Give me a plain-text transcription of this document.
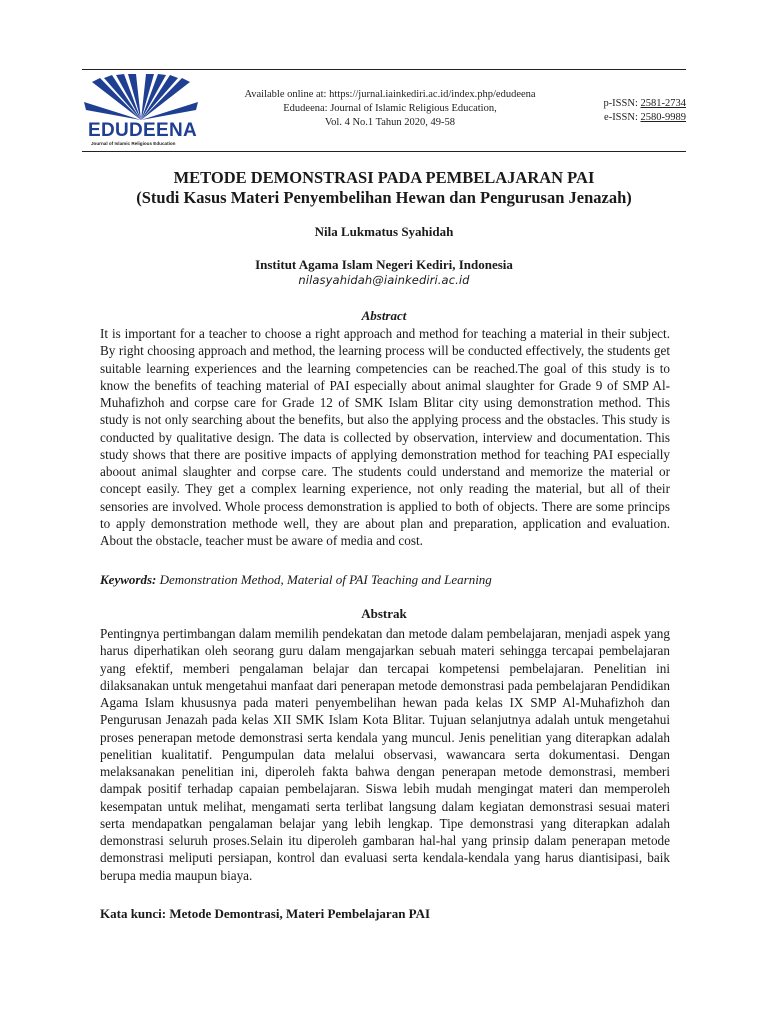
EDUDEENA
Journal of Islamic Religious Education
Available online at: https://jurnal.iainkediri.ac.id/index.php/edudeena
Edudeena: Journal of Islamic Religious Education,
Vol. 4 No.1 Tahun 2020, 49-58
p-ISSN: 2581-2734
e-ISSN: 2580-9989
METODE DEMONSTRASI PADA PEMBELAJARAN PAI
(Studi Kasus Materi Penyembelihan Hewan dan Pengurusan Jenazah)
Nila Lukmatus Syahidah
Institut Agama Islam Negeri Kediri, Indonesia
nilasyahidah@iainkediri.ac.id
Abstract

It is important for a teacher to choose a right approach and method for teaching a material in their subject. By right choosing approach and method, the learning process will be conducted effectively, the students get suitable learning experiences and the learning competencies can be reached.The goal of this study is to know the benefits of teaching material of PAI especially about animal slaughter for Grade 9 of SMP Al-Muhafizhoh and corpse care for Grade 12 of SMK Islam Blitar city using demonstration method. This study is not only searching about the benefits, but also the applying process and the obstacles. This study is conducted by qualitative design. The data is collected by observation, interview and documentation. This study shows that there are positive impacts of applying demonstration method for teaching PAI especially aboout animal slaughter and corpse care. The students could understand and memorize the material or concept easily. They get a complex learning experience, not only reading the material, but all of their sensories are involved. Whole process demonstration is applied to both of objects. There are some princips to apply demonstration methode well, they are about plan and preparation, application and evaluation. About the obstacle, teacher must be aware of media and cost.

Keywords: Demonstration Method, Material of PAI Teaching and Learning
Abstrak

Pentingnya pertimbangan dalam memilih pendekatan dan metode dalam pembelajaran, menjadi aspek yang harus diperhatikan oleh seorang guru dalam mengajarkan sebuah materi sehingga tercapai pembelajaran yang efektif, memberi pengalaman belajar dan tercapai kompetensi pembelajaran. Penelitian ini dilaksanakan untuk mengetahui manfaat dari penerapan metode demonstrasi pada pembelajaran Pendidikan Agama Islam khususnya pada materi penyembelihan hewan pada kelas IX SMP Al-Muhafizhoh dan Pengurusan Jenazah pada kelas XII SMK Islam Kota Blitar. Tujuan selanjutnya adalah untuk mengetahui proses penerapan metode demonstrasi serta kendala yang muncul. Jenis penelitian yang diterapkan adalah penelitian kualitatif. Pengumpulan data melalui observasi, wawancara serta dokumentasi. Dengan melaksanakan penelitian ini, diperoleh fakta bahwa dengan penerapan metode demonstrasi, memberi dampak positif terhadap capaian pembelajaran. Siswa lebih mudah mengingat materi dan memperoleh kesempatan untuk melihat, mengamati serta terlibat langsung dalam kegiatan demonstrasi sesuai materi serta mendapatkan pengalaman belajar yang lebih lengkap. Tipe demonstrasi yang diterapkan adalah demonstrasi seluruh proses.Selain itu diperoleh gambaran hal-hal yang prinsip dalam penerapan metode demonstrasi meliputi persiapan, kontrol dan evaluasi serta kendala-kendala yang harus diantisipasi, baik berupa media maupun biaya.

Kata kunci: Metode Demontrasi, Materi Pembelajaran PAI
